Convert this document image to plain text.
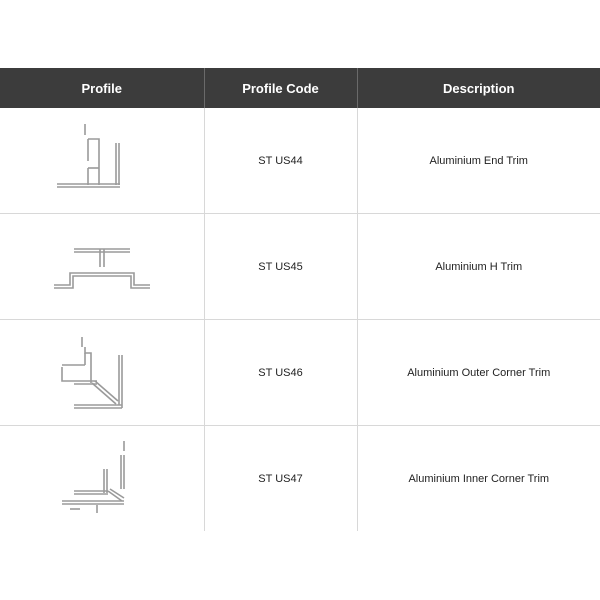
Profile	Profile Code	Description

	ST US44	Aluminium End Trim

	ST US45	Aluminium H Trim

	ST US46	Aluminium Outer Corner Trim

	ST US47	Aluminium Inner Corner Trim
